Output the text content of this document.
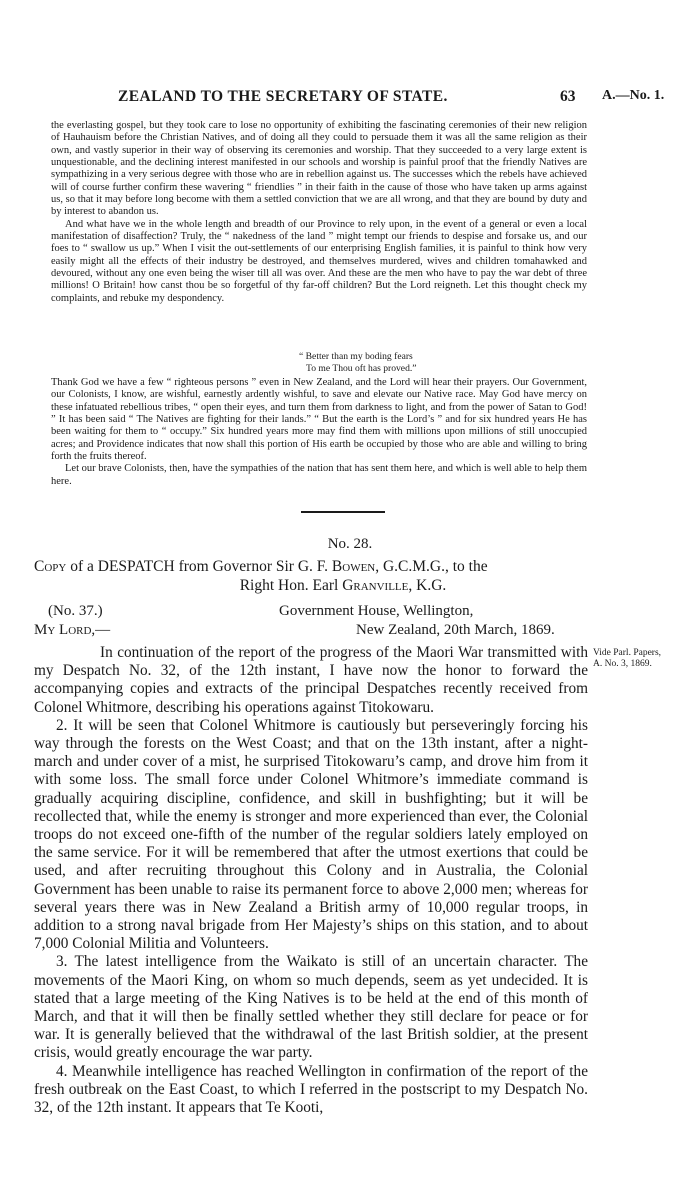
ZEALAND TO THE SECRETARY OF STATE.	63 A.—No. 1.

the everlasting gospel, but they took care to lose no opportunity of exhibiting the fascinating ceremonies of their new religion of Hauhauism before the Christian Natives, and of doing all they could to persuade them it was all the same religion as their own, and vastly superior in their way of observing its ceremonies and worship. That they succeeded to a very large extent is unquestionable, and the declining interest manifested in our schools and worship is painful proof that the friendly Natives are sympathizing in a very serious degree with those who are in rebellion against us. The successes which the rebels have achieved will of course further confirm these wavering “ friendlies ” in their faith in the cause of those who have taken up arms against us, so that it may before long become with them a settled conviction that we are all wrong, and that they are bound by duty and by interest to abandon us.

And what have we in the whole length and breadth of our Province to rely upon, in the event of a general or even a local manifestation of disaffection? Truly, the “ nakedness of the land ” might tempt our friends to despise and forsake us, and our foes to “ swallow us up.” When I visit the out-settlements of our enterprising English families, it is painful to think how very easily might all the effects of their industry be destroyed, and themselves murdered, wives and children tomahawked and devoured, without any one even being the wiser till all was over. And these are the men who have to pay the war debt of three millions! O Britain! how canst thou be so forgetful of thy far-off children? But the Lord reigneth. Let this thought check my complaints, and rebuke my despondency.

“ Better than my boding fears
To me Thou oft has proved.”

Thank God we have a few “ righteous persons ” even in New Zealand, and the Lord will hear their prayers. Our Government, our Colonists, I know, are wishful, earnestly ardently wishful, to save and elevate our Native race. May God have mercy on these infatuated rebellious tribes, “ open their eyes, and turn them from darkness to light, and from the power of Satan to God! ” It has been said “ The Natives are fighting for their lands.” “ But the earth is the Lord’s ” and for six hundred years He has been waiting for them to “ occupy.” Six hundred years more may find them with millions upon millions of still unoccupied acres; and Providence indicates that now shall this portion of His earth be occupied by those who are able and willing to bring forth the fruits thereof.

Let our brave Colonists, then, have the sympathies of the nation that has sent them here, and which is well able to help them here.

No. 28.
Copy of a DESPATCH from Governor Sir G. F. Bowen, G.C.M.G., to the
Right Hon. Earl Granville, K.G.
(No. 37.)	Government House, Wellington,
My Lord,—	New Zealand, 20th March, 1869.

In continuation of the report of the progress of the Maori War transmitted with my Despatch No. 32, of the 12th instant, I have now the honor to forward the accompanying copies and extracts of the principal Despatches recently received from Colonel Whitmore, describing his operations against Titokowaru.

2. It will be seen that Colonel Whitmore is cautiously but perseveringly forcing his way through the forests on the West Coast; and that on the 13th instant, after a night-march and under cover of a mist, he surprised Titokowaru’s camp, and drove him from it with some loss. The small force under Colonel Whitmore’s immediate command is gradually acquiring discipline, confidence, and skill in bushfighting; but it will be recollected that, while the enemy is stronger and more experienced than ever, the Colonial troops do not exceed one-fifth of the number of the regular soldiers lately employed on the same service. For it will be remembered that after the utmost exertions that could be used, and after recruiting throughout this Colony and in Australia, the Colonial Government has been unable to raise its permanent force to above 2,000 men; whereas for several years there was in New Zealand a British army of 10,000 regular troops, in addition to a strong naval brigade from Her Majesty’s ships on this station, and to about 7,000 Colonial Militia and Volunteers.

3. The latest intelligence from the Waikato is still of an uncertain character. The movements of the Maori King, on whom so much depends, seem as yet undecided. It is stated that a large meeting of the King Natives is to be held at the end of this month of March, and that it will then be finally settled whether they still declare for peace or for war. It is generally believed that the withdrawal of the last British soldier, at the present crisis, would greatly encourage the war party.

4. Meanwhile intelligence has reached Wellington in confirmation of the report of the fresh outbreak on the East Coast, to which I referred in the postscript to my Despatch No. 32, of the 12th instant. It appears that Te Kooti,

Vide Parl. Papers,
A. No. 3, 1869.
